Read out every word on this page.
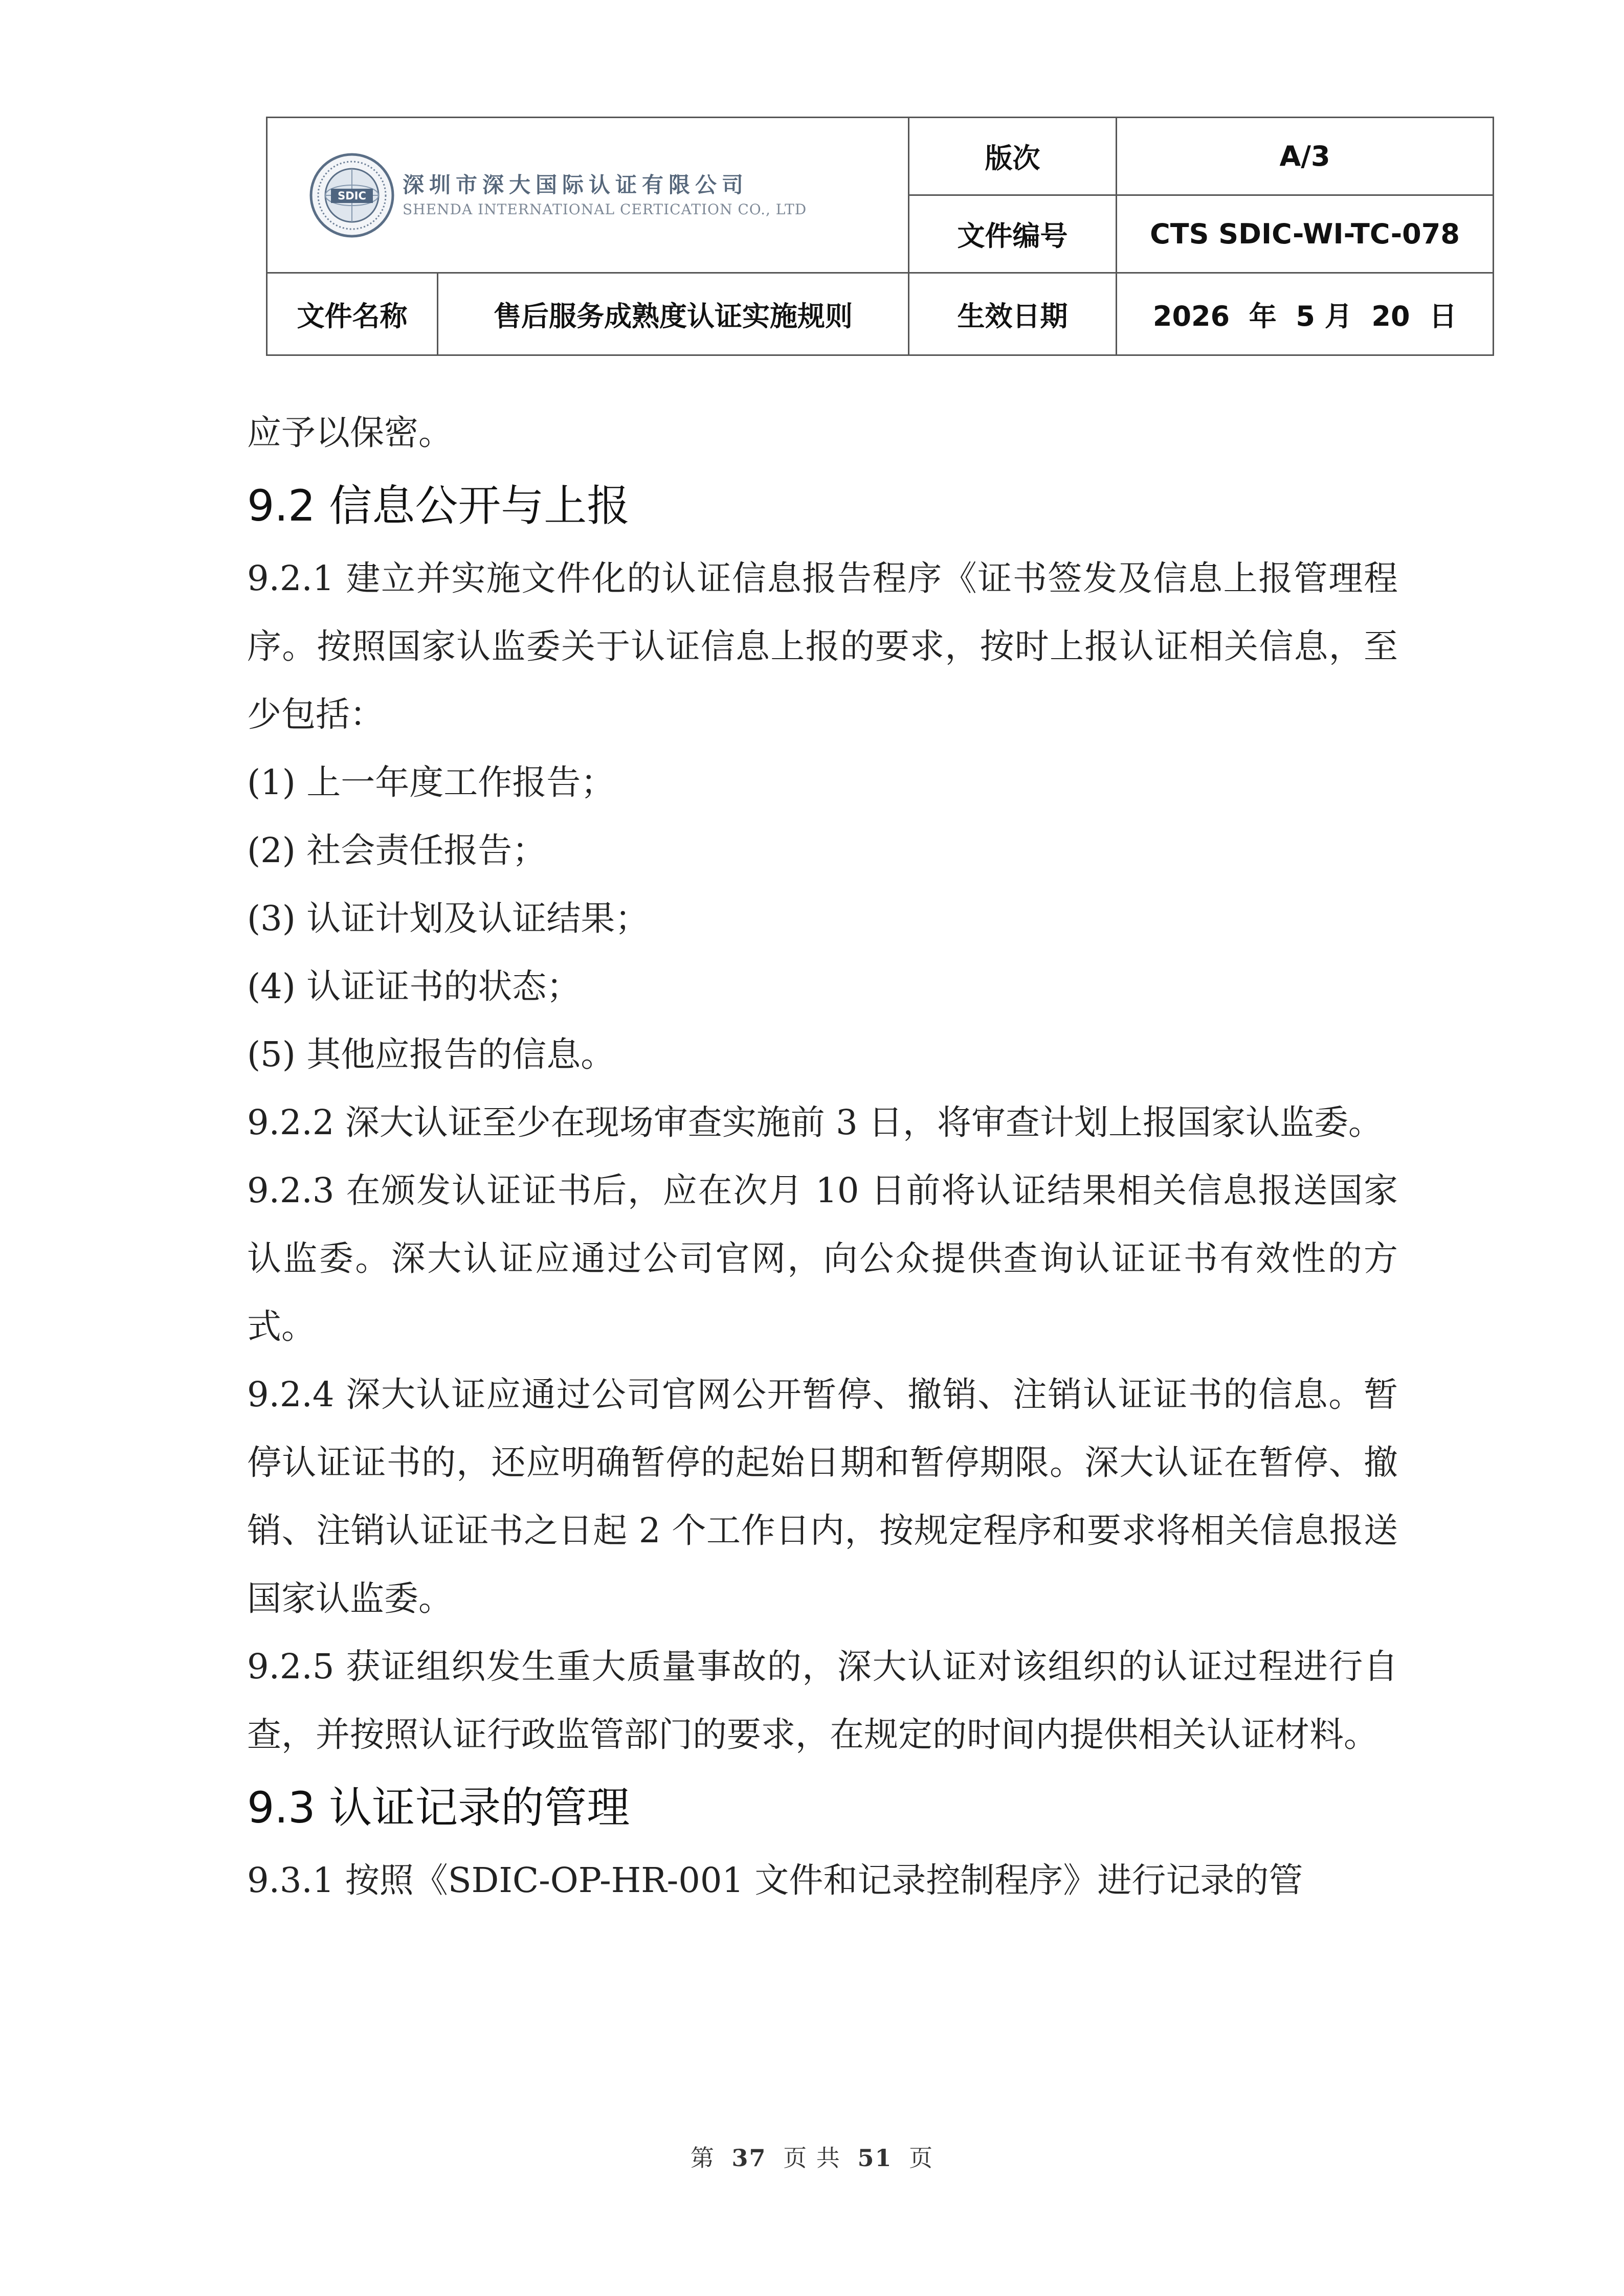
SDIC 深圳市深大国际认证有限公司
SHENDA INTERNATIONAL CERTICATION CO., LTD		版次	A/3
		文件编号	CTS SDIC-WI-TC-078
文件名称	售后服务成熟度认证实施规则	生效日期	2026  年  5 月  20  日

应予以保密。

9.2 信息公开与上报

9.2.1 建立并实施文件化的认证信息报告程序《证书签发及信息上报管理程序。按照国家认监委关于认证信息上报的要求，按时上报认证相关信息，至少包括：

(1) 上一年度工作报告；

(2) 社会责任报告；

(3) 认证计划及认证结果；

(4) 认证证书的状态；

(5) 其他应报告的信息。

9.2.2 深大认证至少在现场审查实施前 3 日，将审查计划上报国家认监委。

9.2.3 在颁发认证证书后，应在次月 10 日前将认证结果相关信息报送国家认监委。深大认证应通过公司官网，向公众提供查询认证证书有效性的方式。

9.2.4 深大认证应通过公司官网公开暂停、撤销、注销认证证书的信息。暂停认证证书的，还应明确暂停的起始日期和暂停期限。深大认证在暂停、撤销、注销认证证书之日起 2 个工作日内，按规定程序和要求将相关信息报送国家认监委。

9.2.5 获证组织发生重大质量事故的，深大认证对该组织的认证过程进行自查，并按照认证行政监管部门的要求，在规定的时间内提供相关认证材料。

9.3 认证记录的管理

9.3.1 按照《SDIC-OP-HR-001 文件和记录控制程序》进行记录的管

第 37 页 共 51 页
